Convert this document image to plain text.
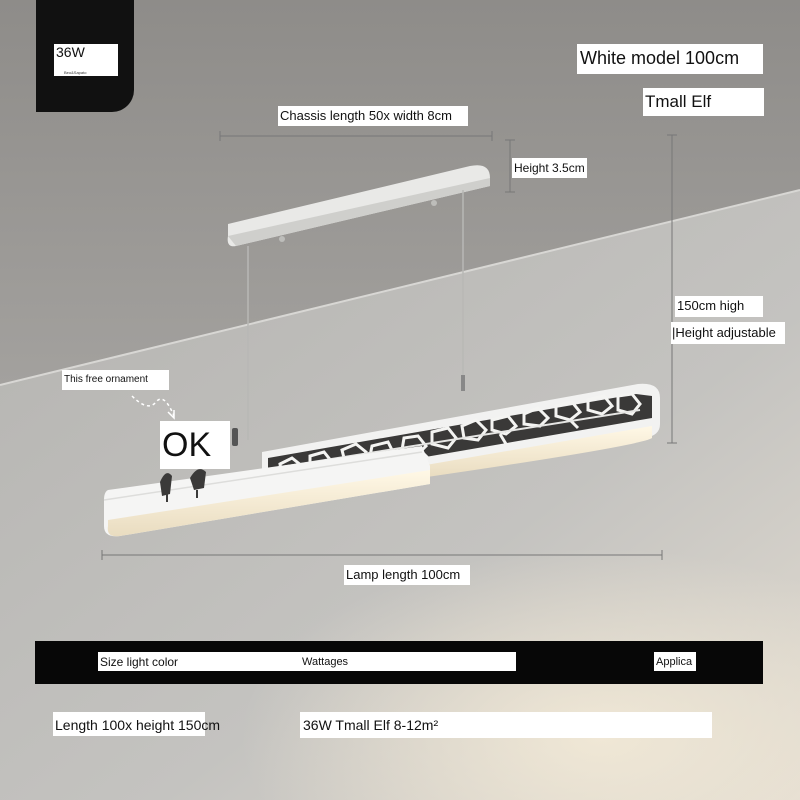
36W
Beo&Sapato
White model 100cm
Tmall Elf
Chassis length 50x width 8cm
Height 3.5cm
150cm high
|Height adjustable
Lamp length 100cm
This free ornament
OK
Size light color	Wattages	Applica
Length 100x height 150cm	36W Tmall Elf 8-12m²
